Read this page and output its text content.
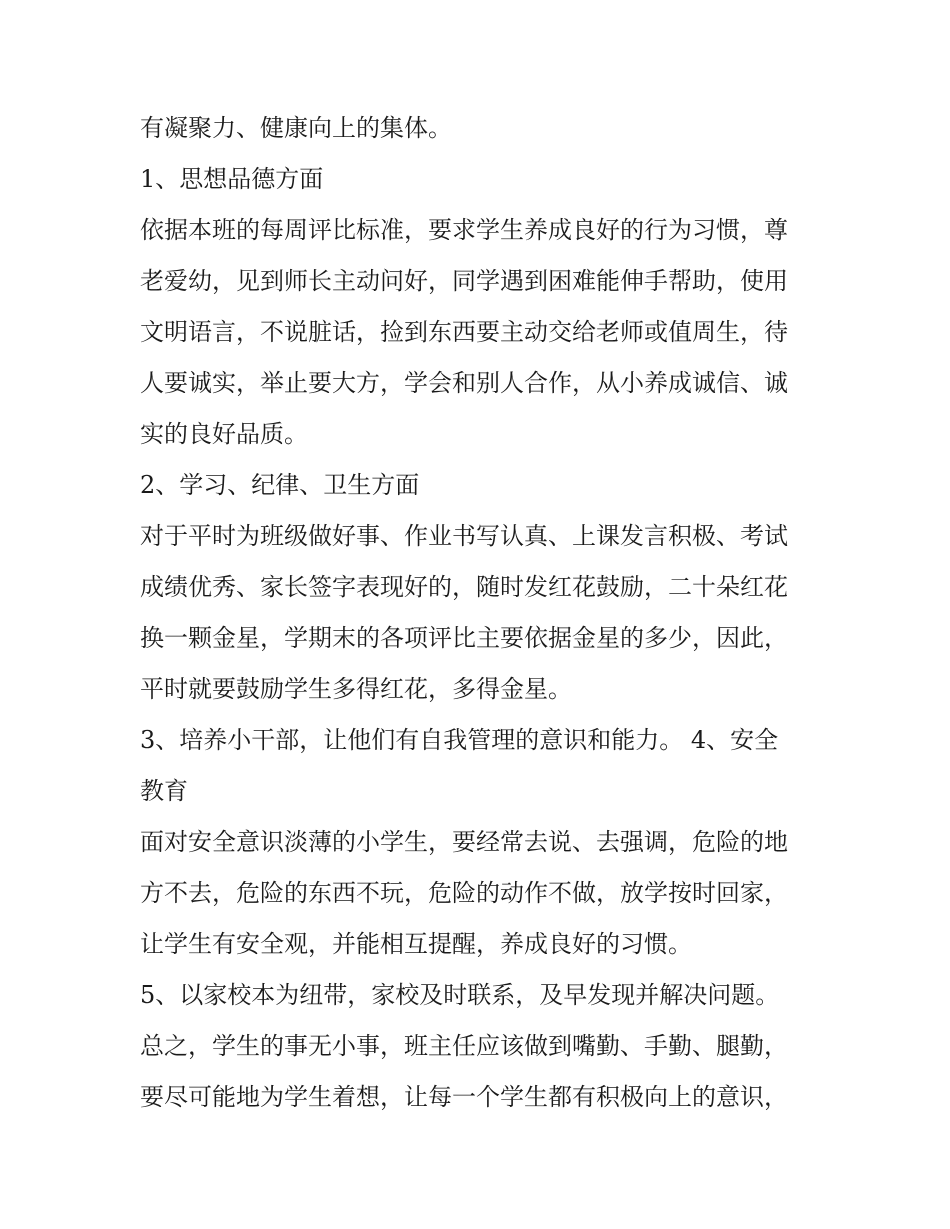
有凝聚力、健康向上的集体。
1、思想品德方面
依据本班的每周评比标准，要求学生养成良好的行为习惯，尊
老爱幼，见到师长主动问好，同学遇到困难能伸手帮助，使用
文明语言，不说脏话，捡到东西要主动交给老师或值周生，待
人要诚实，举止要大方，学会和别人合作，从小养成诚信、诚
实的良好品质。
2、学习、纪律、卫生方面
对于平时为班级做好事、作业书写认真、上课发言积极、考试
成绩优秀、家长签字表现好的，随时发红花鼓励，二十朵红花
换一颗金星，学期末的各项评比主要依据金星的多少，因此，
平时就要鼓励学生多得红花，多得金星。
3、培养小干部，让他们有自我管理的意识和能力。 4、安全
教育
面对安全意识淡薄的小学生，要经常去说、去强调，危险的地
方不去，危险的东西不玩，危险的动作不做，放学按时回家，
让学生有安全观，并能相互提醒，养成良好的习惯。
5、以家校本为纽带，家校及时联系，及早发现并解决问题。
总之，学生的事无小事，班主任应该做到嘴勤、手勤、腿勤，
要尽可能地为学生着想，让每一个学生都有积极向上的意识，
